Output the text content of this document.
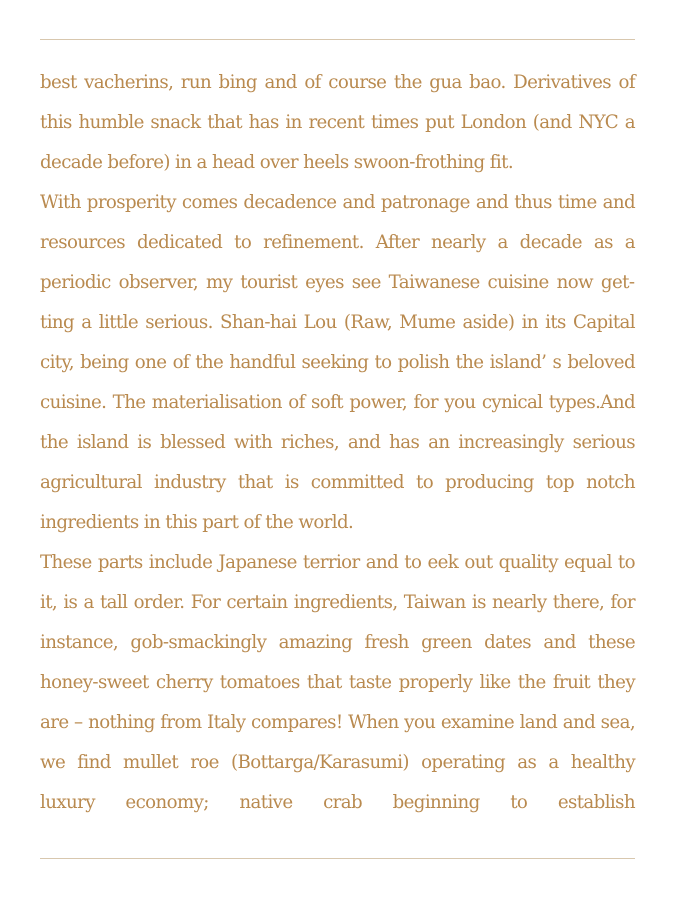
best vacherins, run bing and of course the gua bao. Derivatives of this humble snack that has in recent times put London (and NYC a decade before) in a head over heels swoon-frothing fit.

With prosperity comes decadence and patronage and thus time and resources dedicated to refinement. After nearly a decade as a periodic observer, my tourist eyes see Taiwanese cuisine now getting a little serious. Shan-hai Lou (Raw, Mume aside) in its Capital city, being one of the handful seeking to polish the island’ s beloved cuisine. The materialisation of soft power, for you cynical types.And the island is blessed with riches, and has an increasingly serious agricultural industry that is committed to producing top notch ingredients in this part of the world.

These parts include Japanese terrior and to eek out quality equal to it, is a tall order. For certain ingredients, Taiwan is nearly there, for instance, gob-smackingly amazing fresh green dates and these honey-sweet cherry tomatoes that taste properly like the fruit they are – nothing from Italy compares! When you examine land and sea, we find mullet roe (Bottarga/Karasumi) operating as a healthy luxury economy; native crab beginning to establish
